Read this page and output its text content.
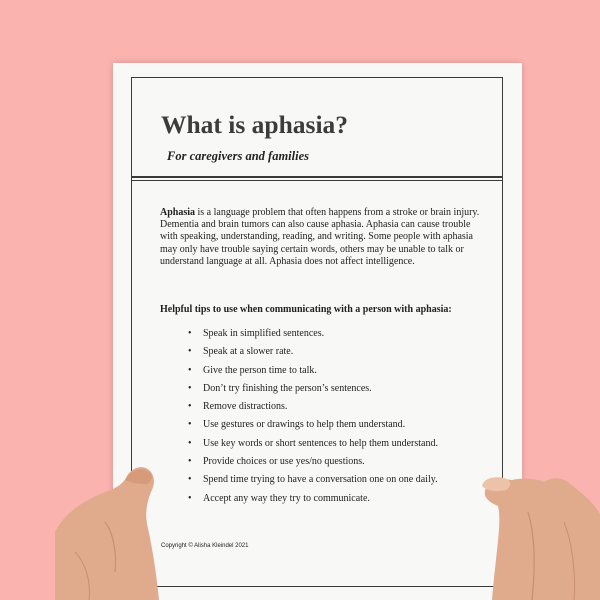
What is aphasia?
For caregivers and families

Aphasia is a language problem that often happens from a stroke or brain injury. Dementia and brain tumors can also cause aphasia. Aphasia can cause trouble with speaking, understanding, reading, and writing. Some people with aphasia may only have trouble saying certain words, others may be unable to talk or understand language at all. Aphasia does not affect intelligence.

Helpful tips to use when communicating with a person with aphasia:
• Speak in simplified sentences.
• Speak at a slower rate.
• Give the person time to talk.
• Don’t try finishing the person’s sentences.
• Remove distractions.
• Use gestures or drawings to help them understand.
• Use key words or short sentences to help them understand.
• Provide choices or use yes/no questions.
• Spend time trying to have a conversation one on one daily.
• Accept any way they try to communicate.
Copyright © Alisha Kleindel 2021
